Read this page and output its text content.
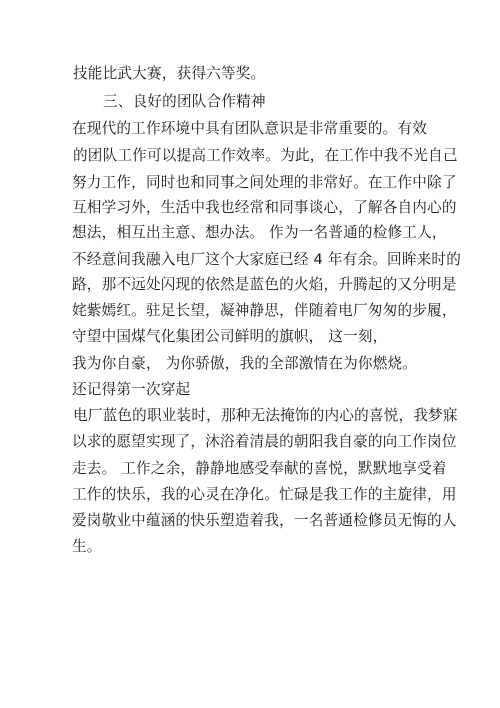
技能比武大赛，获得六等奖。
三、良好的团队合作精神
在现代的工作环境中具有团队意识是非常重要的。有效
的团队工作可以提高工作效率。为此，在工作中我不光自己
努力工作，同时也和同事之间处理的非常好。在工作中除了
互相学习外，生活中我也经常和同事谈心，了解各自内心的
想法，相互出主意、想办法。 作为一名普通的检修工人，
不经意间我融入电厂这个大家庭已经 4 年有余。回眸来时的
路，那不远处闪现的依然是蓝色的火焰，升腾起的又分明是
姹紫嫣红。驻足长望，凝神静思，伴随着电厂匆匆的步履，
守望中国煤气化集团公司鲜明的旗帜， 这一刻，
我为你自豪， 为你骄傲，我的全部激情在为你燃烧。
还记得第一次穿起
电厂蓝色的职业装时，那种无法掩饰的内心的喜悦，我梦寐
以求的愿望实现了，沐浴着清晨的朝阳我自豪的向工作岗位
走去。 工作之余，静静地感受奉献的喜悦，默默地享受着
工作的快乐，我的心灵在净化。忙碌是我工作的主旋律，用
爱岗敬业中蕴涵的快乐塑造着我，一名普通检修员无悔的人
生。
